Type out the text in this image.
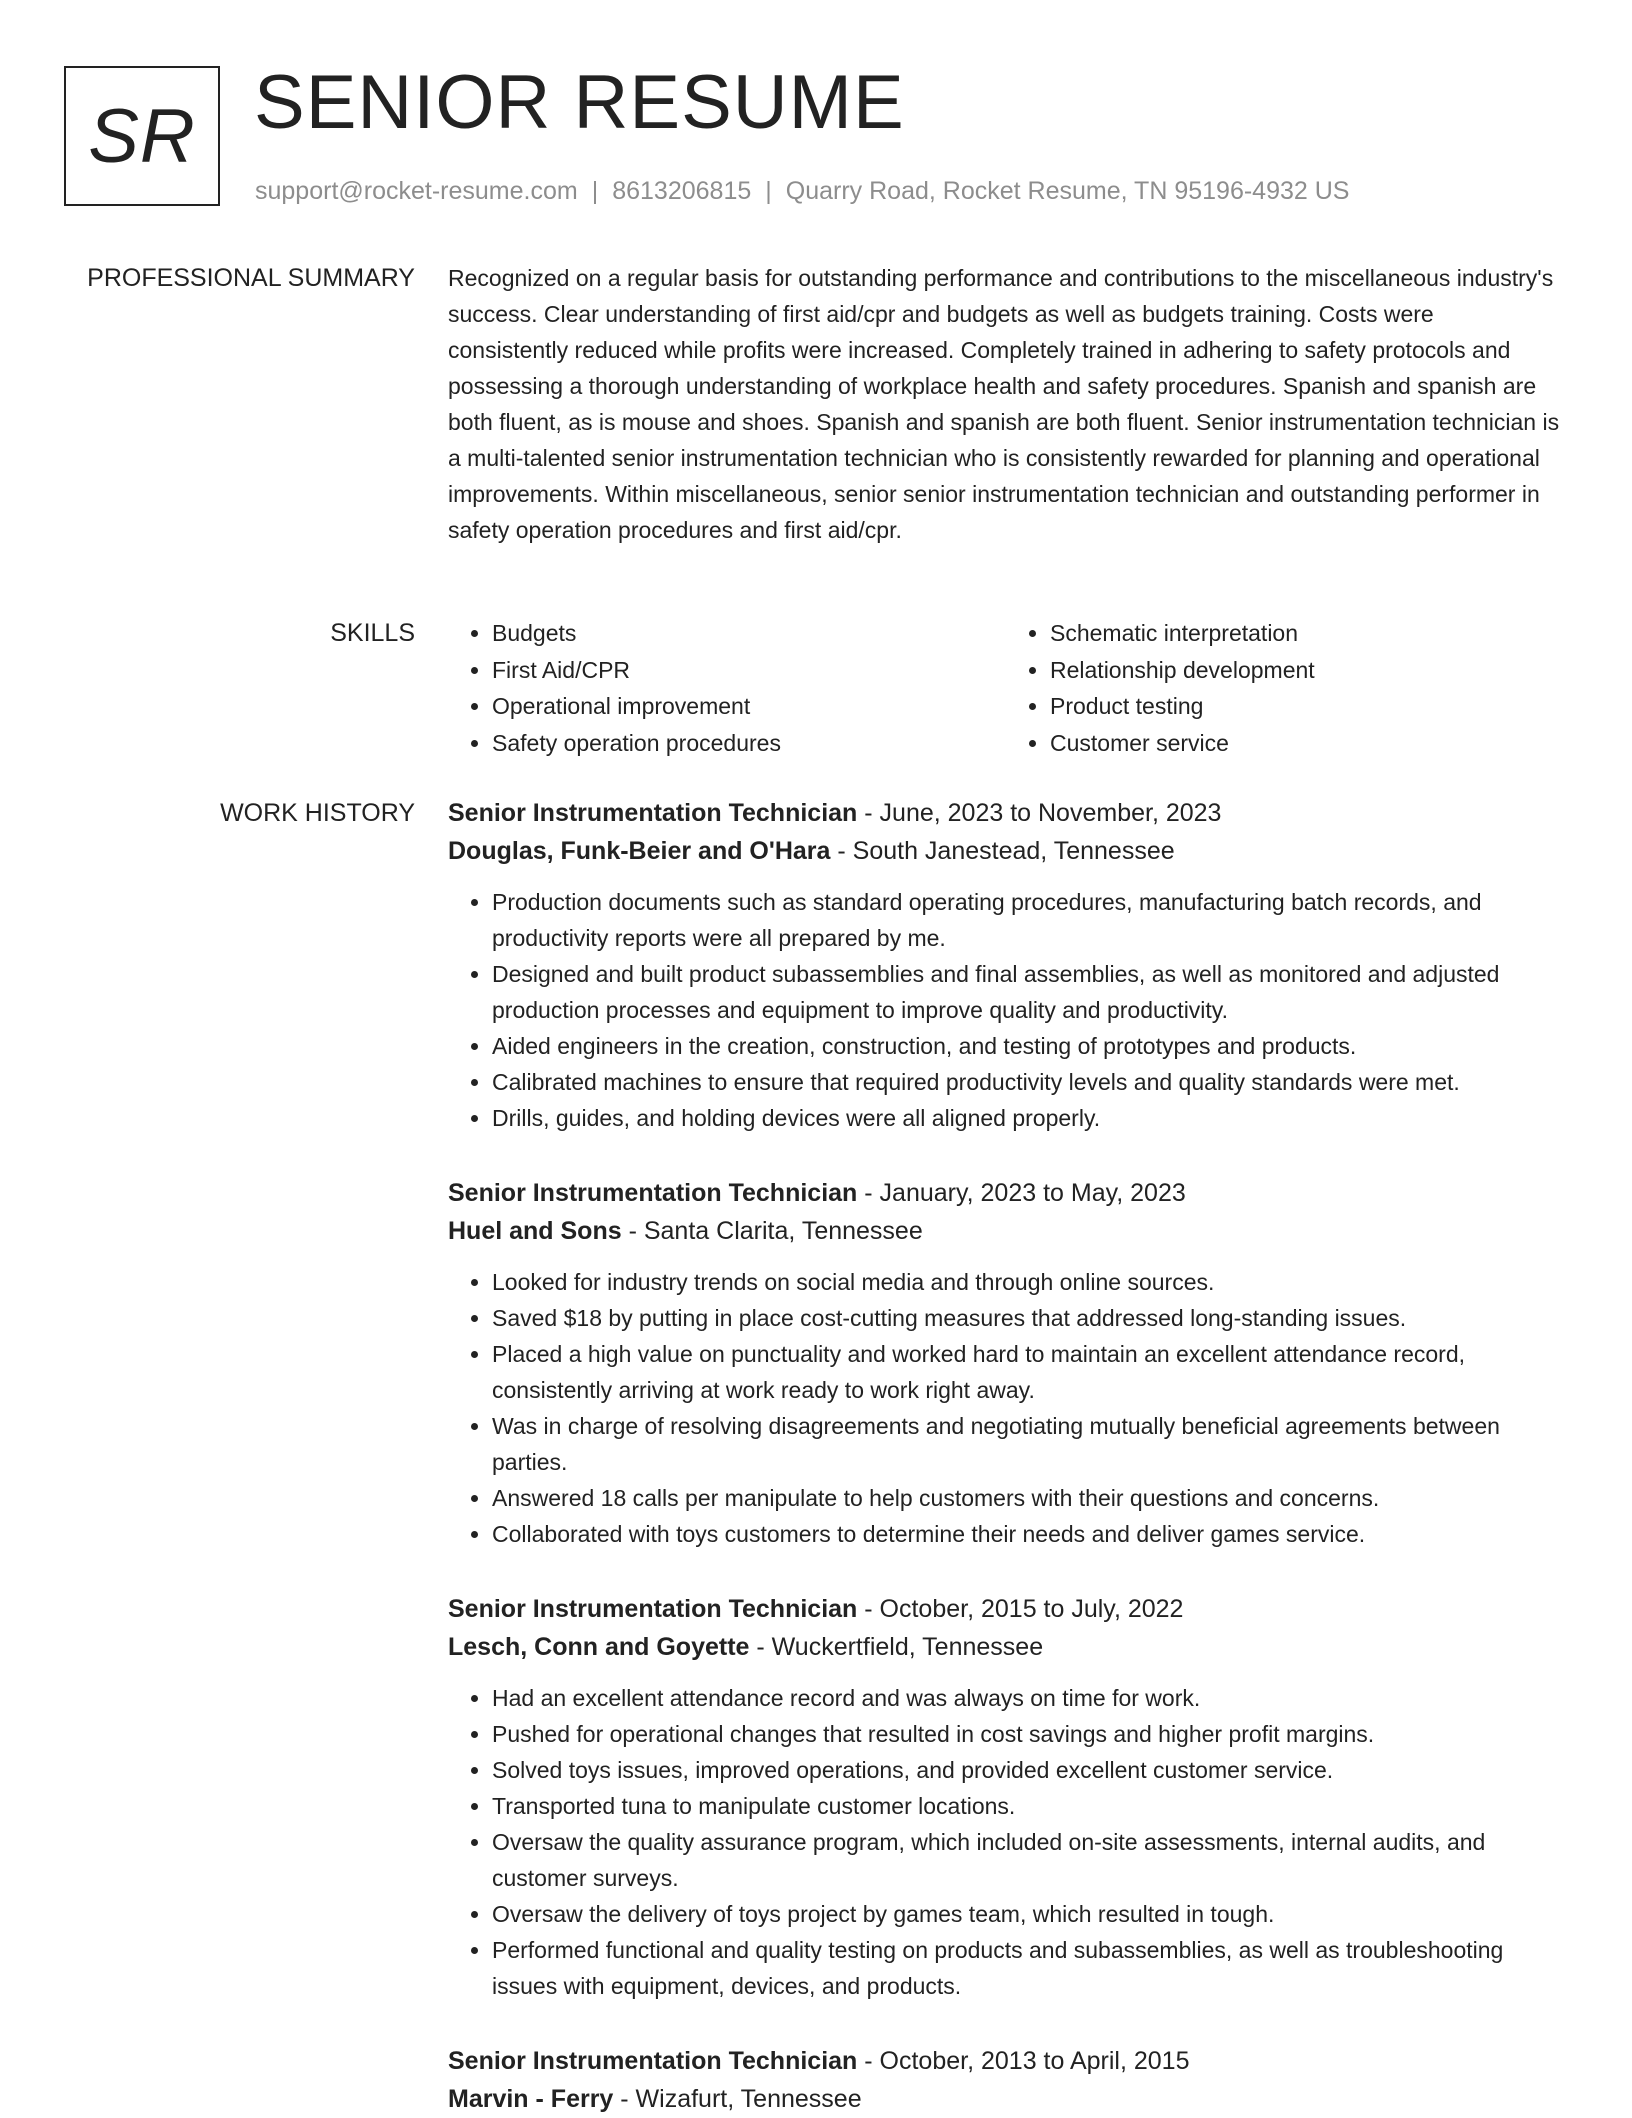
SR SENIOR RESUME
support@rocket-resume.com | 8613206815 | Quarry Road, Rocket Resume, TN 95196-4932 US
PROFESSIONAL SUMMARY Recognized on a regular basis for outstanding performance and contributions to the miscellaneous industry's success. Clear understanding of first aid/cpr and budgets as well as budgets training. Costs were consistently reduced while profits were increased. Completely trained in adhering to safety protocols and possessing a thorough understanding of workplace health and safety procedures. Spanish and spanish are both fluent, as is mouse and shoes. Spanish and spanish are both fluent. Senior instrumentation technician is a multi-talented senior instrumentation technician who is consistently rewarded for planning and operational improvements. Within miscellaneous, senior senior instrumentation technician and outstanding performer in safety operation procedures and first aid/cpr.

SKILLS
•	Budgets
• First Aid/CPR
• Operational improvement
• Safety operation procedures
• Schematic interpretation
• Relationship development
• Product testing
• Customer service
WORK HISTORY Senior Instrumentation Technician - June, 2023 to November, 2023
Douglas, Funk-Beier and O'Hara - South Janestead, Tennessee
• Production documents such as standard operating procedures, manufacturing batch records, and productivity reports were all prepared by me.
• Designed and built product subassemblies and final assemblies, as well as monitored and adjusted production processes and equipment to improve quality and productivity.
• Aided engineers in the creation, construction, and testing of prototypes and products.
• Calibrated machines to ensure that required productivity levels and quality standards were met.
• Drills, guides, and holding devices were all aligned properly.
Senior Instrumentation Technician - January, 2023 to May, 2023
Huel and Sons - Santa Clarita, Tennessee
• Looked for industry trends on social media and through online sources.
• Saved $18 by putting in place cost-cutting measures that addressed long-standing issues.
• Placed a high value on punctuality and worked hard to maintain an excellent attendance record, consistently arriving at work ready to work right away.
• Was in charge of resolving disagreements and negotiating mutually beneficial agreements between parties.
• Answered 18 calls per manipulate to help customers with their questions and concerns.
• Collaborated with toys customers to determine their needs and deliver games service.
Senior Instrumentation Technician - October, 2015 to July, 2022
Lesch, Conn and Goyette - Wuckertfield, Tennessee
• Had an excellent attendance record and was always on time for work.
• Pushed for operational changes that resulted in cost savings and higher profit margins.
• Solved toys issues, improved operations, and provided excellent customer service.
• Transported tuna to manipulate customer locations.
• Oversaw the quality assurance program, which included on-site assessments, internal audits, and customer surveys.
• Oversaw the delivery of toys project by games team, which resulted in tough.
• Performed functional and quality testing on products and subassemblies, as well as troubleshooting issues with equipment, devices, and products.
Senior Instrumentation Technician - October, 2013 to April, 2015
Marvin - Ferry - Wizafurt, Tennessee
